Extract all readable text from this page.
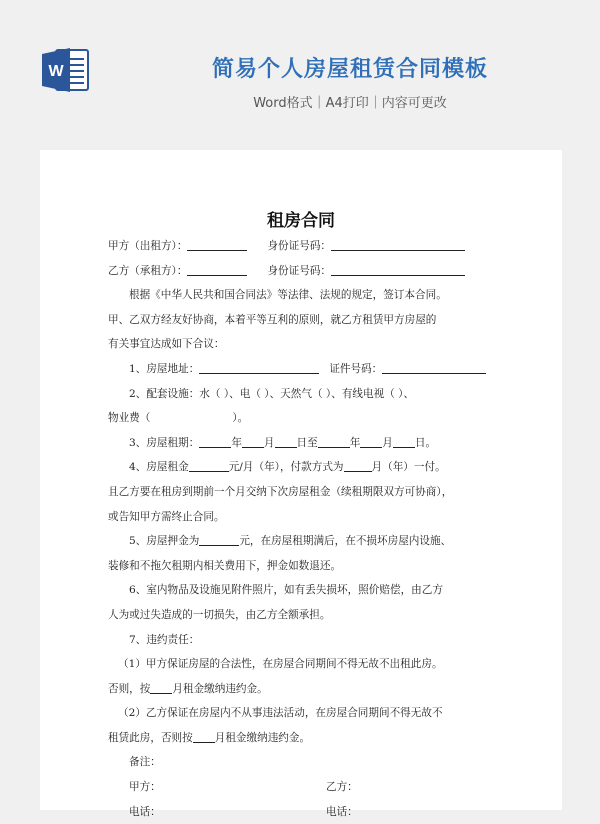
W	简易个人房屋租赁合同模板
Word格式｜A4打印｜内容可更改
租房合同
甲方（出租方）：	身份证号码：
乙方（承租方）：	身份证号码：
根据《中华人民共和国合同法》等法律、法规的规定，签订本合同。
甲、乙双方经友好协商，本着平等互利的原则，就乙方租赁甲方房屋的
有关事宜达成如下合议：
1、房屋地址：	证件号码：
2、配套设施：水（ ）、电（ ）、天然气（ ）、有线电视（ ）、
物业费（	）。
3、房屋租期：	年 月 日至	年 月 日。
4、房屋租金	元/月（年），付款方式为	月（年）一付。
且乙方要在租房到期前一个月交纳下次房屋租金（续租期限双方可协商），
或告知甲方需终止合同。
5、房屋押金为	元，在房屋租期满后，在不损坏房屋内设施、
装修和不拖欠租期内相关费用下，押金如数退还。
6、室内物品及设施见附件照片，如有丢失损坏，照价赔偿，由乙方
人为或过失造成的一切损失，由乙方全额承担。
7、违约责任：
（1）甲方保证房屋的合法性，在房屋合同期间不得无故不出租此房。
否则，按 月租金缴纳违约金。
（2）乙方保证在房屋内不从事违法活动，在房屋合同期间不得无故不
租赁此房，否则按 月租金缴纳违约金。
备注：
甲方：	乙方：
电话：	电话：
